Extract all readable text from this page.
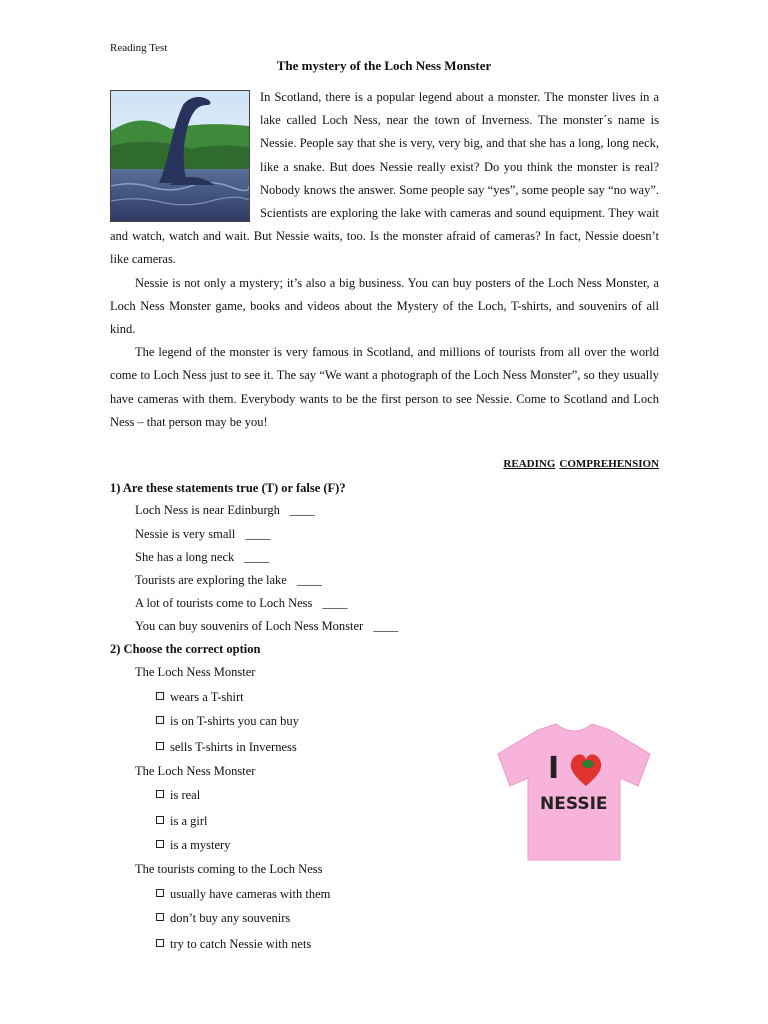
Reading Test
The mystery of the Loch Ness Monster

In Scotland, there is a popular legend about a monster. The monster lives in a lake called Loch Ness, near the town of Inverness. The monster´s name is Nessie. People say that she is very, very big, and that she has a long, long neck, like a snake. But does Nessie really exist? Do you think the monster is real? Nobody knows the answer. Some people say “yes”, some people say “no way”. Scientists are exploring the lake with cameras and sound equipment. They wait and watch, watch and wait. But Nessie waits, too. Is the monster afraid of cameras? In fact, Nessie doesn’t like cameras.

Nessie is not only a mystery; it’s also a big business. You can buy posters of the Loch Ness Monster, a Loch Ness Monster game, books and videos about the Mystery of the Loch, T-shirts, and souvenirs of all kind.

The legend of the monster is very famous in Scotland, and millions of tourists from all over the world come to Loch Ness just to see it. The say “We want a photograph of the Loch Ness Monster”, so they usually have cameras with them. Everybody wants to be the first person to see Nessie. Come to Scotland and Loch Ness – that person may be you!

READING COMPREHENSION
1) Are these statements true (T) or false (F)?
Loch Ness is near Edinburgh ____
Nessie is very small ____
She has a long neck ____
Tourists are exploring the lake ____
A lot of tourists come to Loch Ness ____
You can buy souvenirs of Loch Ness Monster ____
2) Choose the correct option
The Loch Ness Monster
wears a T-shirt
is on T-shirts you can buy
sells T-shirts in Inverness
The Loch Ness Monster
is real
is a girl
is a mystery
The tourists coming to the Loch Ness
usually have cameras with them
don’t buy any souvenirs
try to catch Nessie with nets
I
NESSIE
